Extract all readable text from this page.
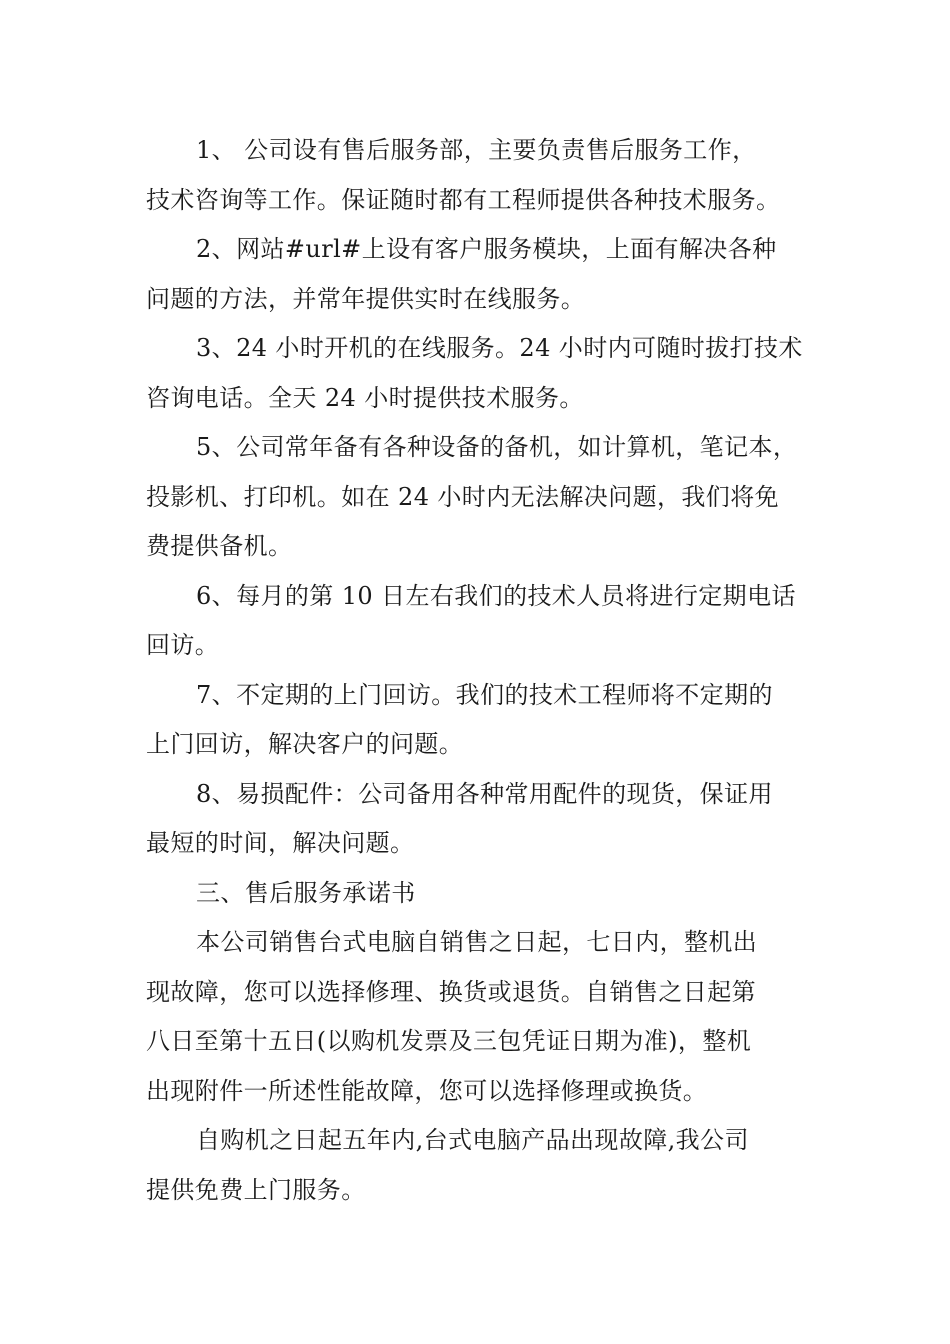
1、 公司设有售后服务部，主要负责售后服务工作，
技术咨询等工作。保证随时都有工程师提供各种技术服务。
2、网站#url#上设有客户服务模块，上面有解决各种
问题的方法，并常年提供实时在线服务。
3、24 小时开机的在线服务。24 小时内可随时拔打技术
咨询电话。全天 24 小时提供技术服务。
5、公司常年备有各种设备的备机，如计算机，笔记本，
投影机、打印机。如在 24 小时内无法解决问题，我们将免
费提供备机。
6、每月的第 10 日左右我们的技术人员将进行定期电话
回访。
7、不定期的上门回访。我们的技术工程师将不定期的
上门回访，解决客户的问题。
8、易损配件：公司备用各种常用配件的现货，保证用
最短的时间，解决问题。
三、售后服务承诺书
本公司销售台式电脑自销售之日起，七日内，整机出
现故障，您可以选择修理、换货或退货。自销售之日起第
八日至第十五日(以购机发票及三包凭证日期为准)，整机
出现附件一所述性能故障，您可以选择修理或换货。
自购机之日起五年内,台式电脑产品出现故障,我公司
提供免费上门服务。
